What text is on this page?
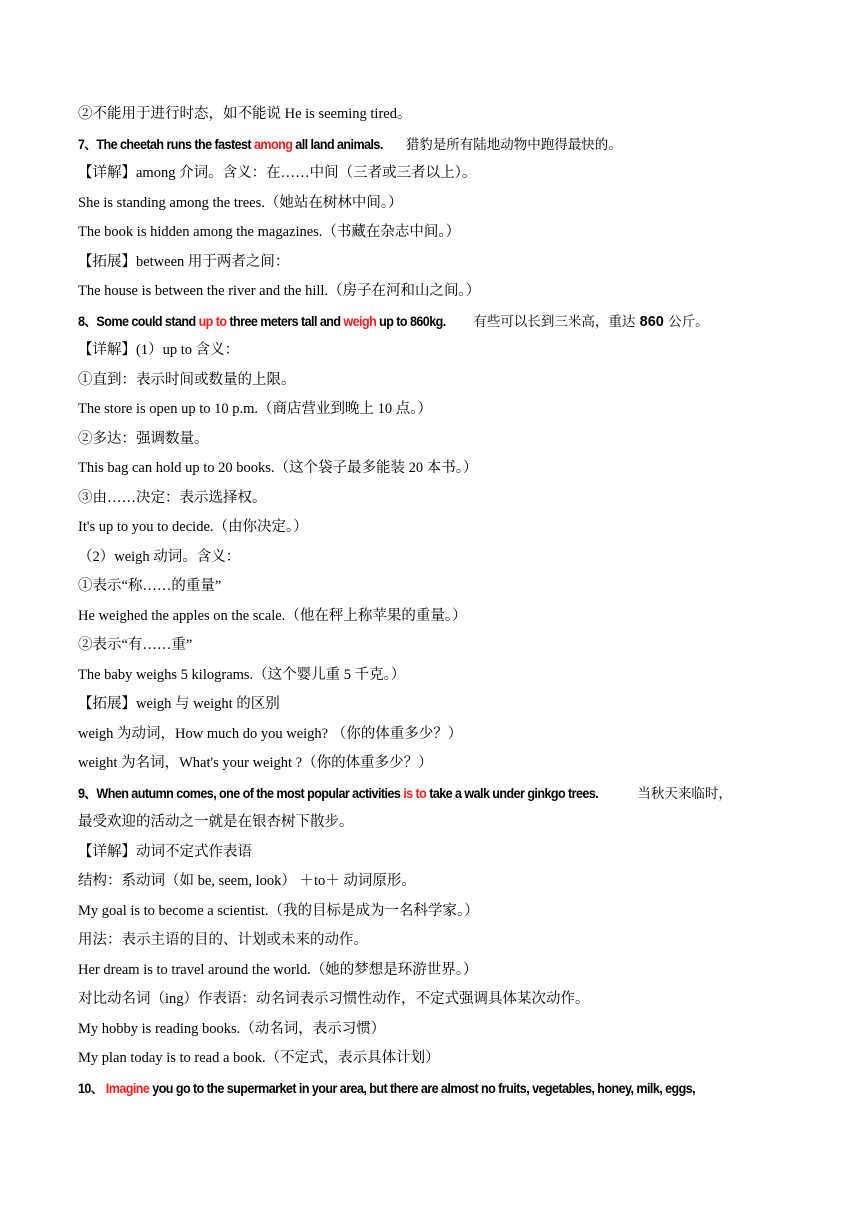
②不能用于进行时态，如不能说 He is seeming tired。
7、The cheetah runs the fastest among all land animals. 猎豹是所有陆地动物中跑得最快的。
【详解】among 介词。含义：在……中间（三者或三者以上）。
She is standing among the trees.（她站在树林中间。）
The book is hidden among the magazines.（书藏在杂志中间。）
【拓展】between 用于两者之间：
The house is between the river and the hill.（房子在河和山之间。）
8、Some could stand up to three meters tall and weigh up to 860kg. 有些可以长到三米高，重达 860 公斤。
【详解】(1）up to 含义：
①直到：表示时间或数量的上限。
The store is open up to 10 p.m.（商店营业到晚上 10 点。）
②多达：强调数量。
This bag can hold up to 20 books.（这个袋子最多能装 20 本书。）
③由……决定：表示选择权。
It's up to you to decide.（由你决定。）
（2）weigh 动词。含义：
①表示“称……的重量”
He weighed the apples on the scale.（他在秤上称苹果的重量。）
②表示“有……重”
The baby weighs 5 kilograms.（这个婴儿重 5 千克。）
【拓展】weigh 与 weight 的区别
weigh 为动词，How much do you weigh? （你的体重多少？）
weight 为名词，What's your weight ?（你的体重多少？）
9、When autumn comes, one of the most popular activities is to take a walk under ginkgo trees.	当秋天来临时，
最受欢迎的活动之一就是在银杏树下散步。
【详解】动词不定式作表语
结构：系动词（如 be, seem, look） ＋to＋ 动词原形。
My goal is to become a scientist.（我的目标是成为一名科学家。）
用法：表示主语的目的、计划或未来的动作。
Her dream is to travel around the world.（她的梦想是环游世界。）
对比动名词（ing）作表语：动名词表示习惯性动作，不定式强调具体某次动作。
My hobby is reading books.（动名词，表示习惯）
My plan today is to read a book.（不定式，表示具体计划）
10、 Imagine you go to the supermarket in your area, but there are almost no fruits, vegetables, honey, milk, eggs,
